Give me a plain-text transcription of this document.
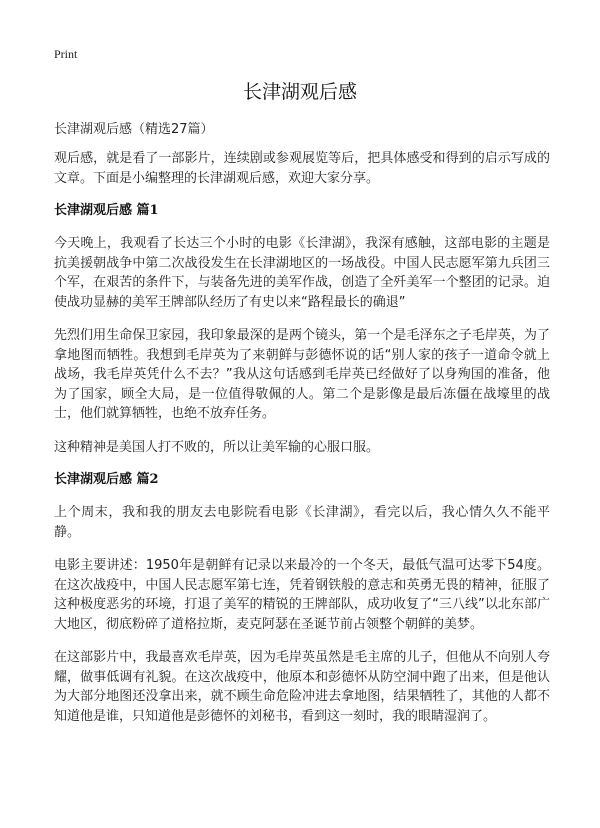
Print
长津湖观后感
长津湖观后感（精选27篇）

观后感，就是看了一部影片，连续剧或参观展览等后，把具体感受和得到的启示写成的文章。下面是小编整理的长津湖观后感，欢迎大家分享。

长津湖观后感 篇1

今天晚上，我观看了长达三个小时的电影《长津湖》，我深有感触，这部电影的主题是抗美援朝战争中第二次战役发生在长津湖地区的一场战役。中国人民志愿军第九兵团三个军，在艰苦的条件下，与装备先进的美军作战，创造了全歼美军一个整团的记录。迫使战功显赫的美军王牌部队经历了有史以来“路程最长的确退”

先烈们用生命保卫家园，我印象最深的是两个镜头，第一个是毛泽东之子毛岸英，为了拿地图而牺牲。我想到毛岸英为了来朝鲜与彭德怀说的话“别人家的孩子一道命令就上战场，我毛岸英凭什么不去？”我从这句话感到毛岸英已经做好了以身殉国的准备，他为了国家，顾全大局，是一位值得敬佩的人。第二个是影像是最后冻僵在战壕里的战士，他们就算牺牲，也绝不放弃任务。

这种精神是美国人打不败的，所以让美军输的心服口服。

长津湖观后感 篇2

上个周末，我和我的朋友去电影院看电影《长津湖》，看完以后，我心情久久不能平静。

电影主要讲述：1950年是朝鲜有记录以来最冷的一个冬天，最低气温可达零下54度。在这次战疫中，中国人民志愿军第七连，凭着钢铁般的意志和英勇无畏的精神，征服了这种极度恶劣的环境，打退了美军的精锐的王牌部队，成功收复了“三八线”以北东部广大地区，彻底粉碎了道格拉斯，麦克阿瑟在圣诞节前占领整个朝鲜的美梦。

在这部影片中，我最喜欢毛岸英，因为毛岸英虽然是毛主席的儿子，但他从不向别人夸耀，做事低调有礼貌。在这次战疫中，他原本和彭德怀从防空洞中跑了出来，但是他认为大部分地图还没拿出来，就不顾生命危险冲进去拿地图，结果牺牲了，其他的人都不知道他是谁，只知道他是彭德怀的刘秘书，看到这一刻时，我的眼睛湿润了。
